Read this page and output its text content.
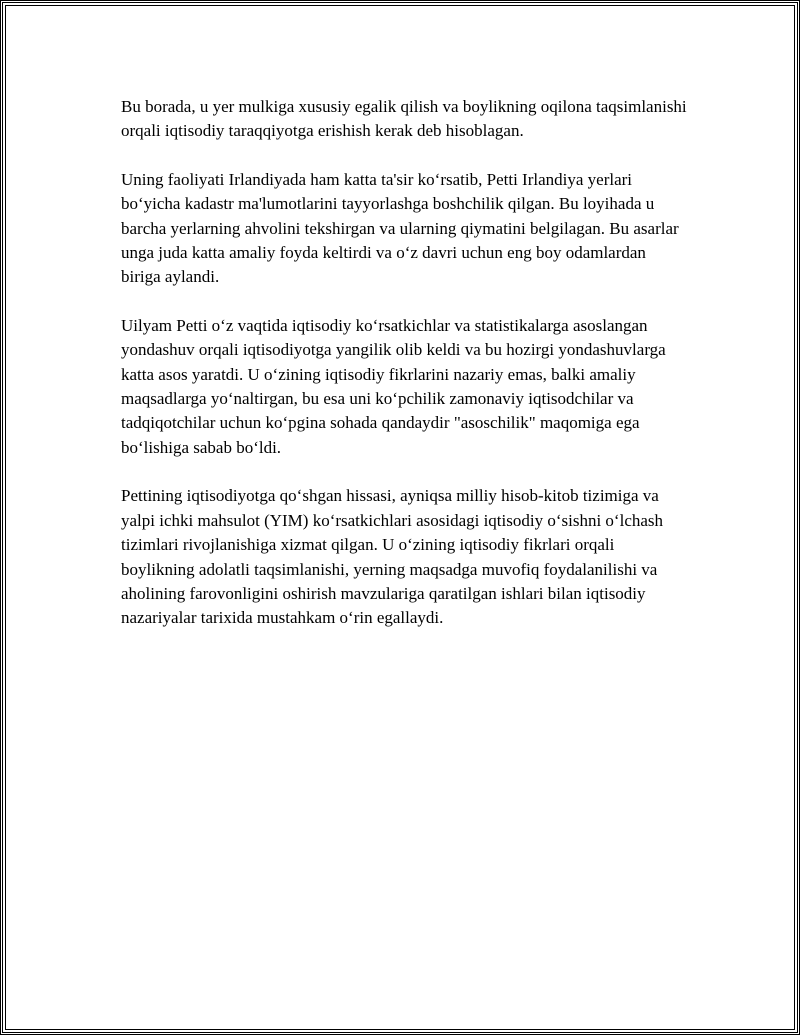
Bu borada, u yer mulkiga xususiy egalik qilish va boylikning oqilona taqsimlanishi orqali iqtisodiy taraqqiyotga erishish kerak deb hisoblagan.

Uning faoliyati Irlandiyada ham katta ta'sir koʻrsatib, Petti Irlandiya yerlari boʻyicha kadastr ma'lumotlarini tayyorlashga boshchilik qilgan. Bu loyihada u barcha yerlarning ahvolini tekshirgan va ularning qiymatini belgilagan. Bu asarlar unga juda katta amaliy foyda keltirdi va oʻz davri uchun eng boy odamlardan biriga aylandi.

Uilyam Petti oʻz vaqtida iqtisodiy koʻrsatkichlar va statistikalarga asoslangan yondashuv orqali iqtisodiyotga yangilik olib keldi va bu hozirgi yondashuvlarga katta asos yaratdi. U oʻzining iqtisodiy fikrlarini nazariy emas, balki amaliy maqsadlarga yoʻnaltirgan, bu esa uni koʻpchilik zamonaviy iqtisodchilar va tadqiqotchilar uchun koʻpgina sohada qandaydir "asoschilik" maqomiga ega boʻlishiga sabab boʻldi.

Pettining iqtisodiyotga qoʻshgan hissasi, ayniqsa milliy hisob-kitob tizimiga va yalpi ichki mahsulot (YIM) koʻrsatkichlari asosidagi iqtisodiy oʻsishni oʻlchash tizimlari rivojlanishiga xizmat qilgan. U oʻzining iqtisodiy fikrlari orqali boylikning adolatli taqsimlanishi, yerning maqsadga muvofiq foydalanilishi va aholining farovonligini oshirish mavzulariga qaratilgan ishlari bilan iqtisodiy nazariyalar tarixida mustahkam oʻrin egallaydi.
